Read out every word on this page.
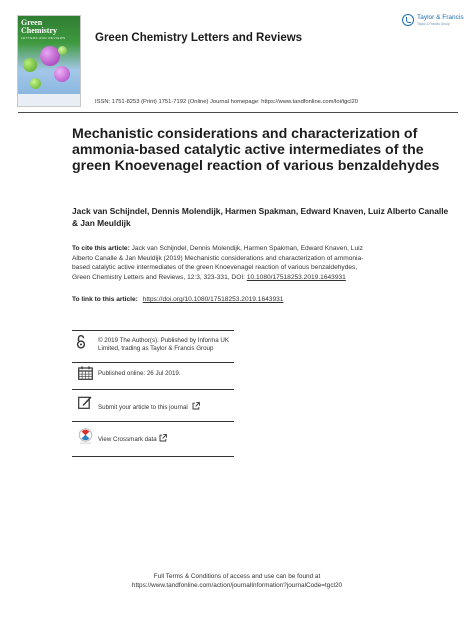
Green Chemistry
LETTERS AND REVIEWS	Green Chemistry Letters and Reviews
Taylor & Francis
Taylor & Francis Group
ISSN: 1751-8253 (Print) 1751-7192 (Online) Journal homepage: https://www.tandfonline.com/loi/tgcl20
Mechanistic considerations and characterization of ammonia-based catalytic active intermediates of the green Knoevenagel reaction of various benzaldehydes
Jack van Schijndel, Dennis Molendijk, Harmen Spakman, Edward Knaven, Luiz Alberto Canalle & Jan Meuldijk
To cite this article: Jack van Schijndel, Dennis Molendijk, Harmen Spakman, Edward Knaven, Luiz Alberto Canalle & Jan Meuldijk (2019) Mechanistic considerations and characterization of ammonia-based catalytic active intermediates of the green Knoevenagel reaction of various benzaldehydes, Green Chemistry Letters and Reviews, 12:3, 323-331, DOI: 10.1080/17518253.2019.1643931
To link to this article: https://doi.org/10.1080/17518253.2019.1643931
© 2019 The Author(s). Published by Informa UK Limited, trading as Taylor & Francis Group
Published online: 26 Jul 2019.
Submit your article to this journal
View Crossmark data
Full Terms & Conditions of access and use can be found at
https://www.tandfonline.com/action/journalInformation?journalCode=tgcl20
